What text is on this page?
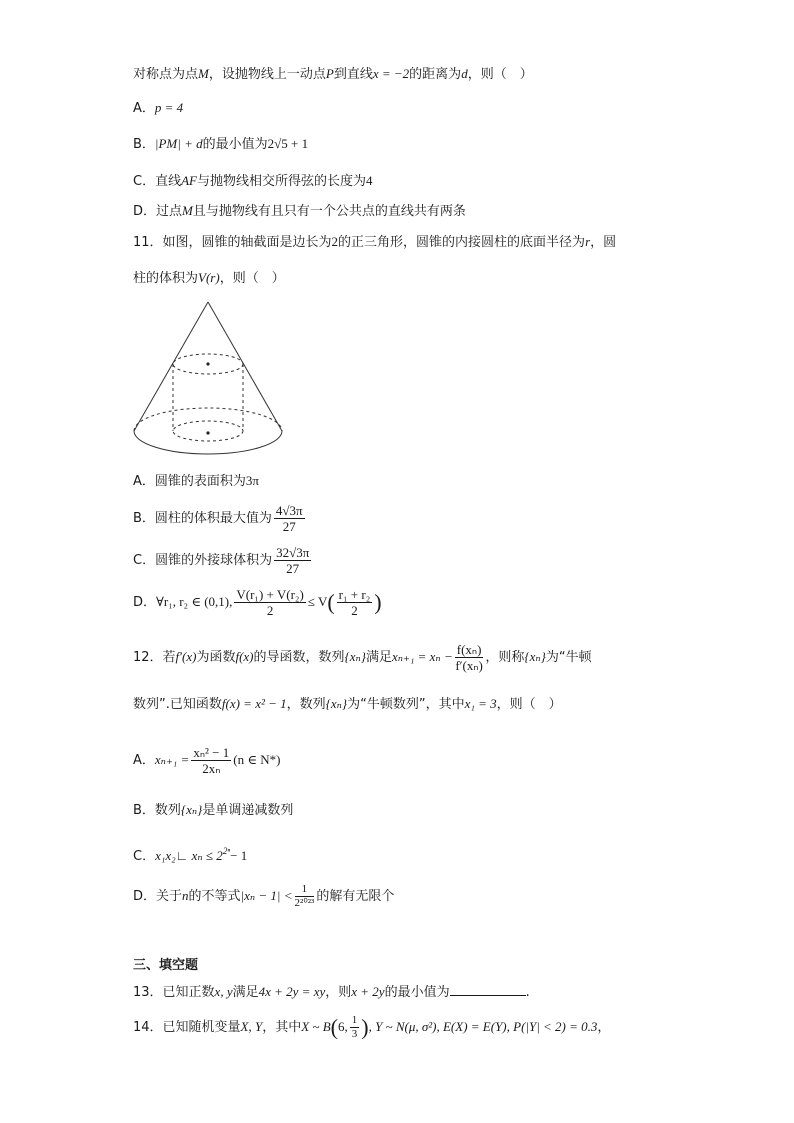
对称点为点M，设抛物线上一动点P到直线x = −2的距离为d，则（　）
A．p = 4
B．|PM| + d的最小值为2√5 + 1
C．直线AF与抛物线相交所得弦的长度为4
D．过点M且与抛物线有且只有一个公共点的直线共有两条
11．如图，圆锥的轴截面是边长为2的正三角形，圆锥的内接圆柱的底面半径为r，圆
柱的体积为V(r)，则（　）
A．圆锥的表面积为3π
B．圆柱的体积最大值为 $\frac{4√3\pi}{27}$
C．圆锥的外接球体积为 $\frac{32√3\pi}{27}$
D．∀r₁, r₂ ∈ (0,1), $\frac{\text{V(r₁) + V(r₂)}}{2} \le V( \frac{\text{r₁ + r₂}}{2}$ )
12．若f′(x)为函数f(x)的导函数，数列{xₙ}满足$x_{n+1} = x_n - \frac{\text{f(xₙ)}}{\text{f′(xₙ)}}$ ，则称{xₙ}为“牛顿
数列”.已知函数f(x) = x² − 1，数列{xₙ}为“牛顿数列”，其中x₁ = 3，则（　）
A．$x_{n+1} = \frac{\text{xₙ² − 1}}{\text{2xₙ}} (n$ ∈ N*)
B．数列{xₙ}是单调递减数列
C．x₁x₂∟ $x_n \le 2^{2^n}- 1$
D．关于n的不等式$|x_n - 1| < \frac{1}{\text{2²⁰²³}}$ 的解有无限个
三、填空题
13．已知正数x, y满足4x + 2y = xy，则x + 2y的最小值为	.
14．已知随机变量X, Y，其中X ~ B(6, $\frac{1}{3}$ ), Y ~ N(μ, σ²), E(X) = E(Y), P(|Y| < 2) = 0.3，
